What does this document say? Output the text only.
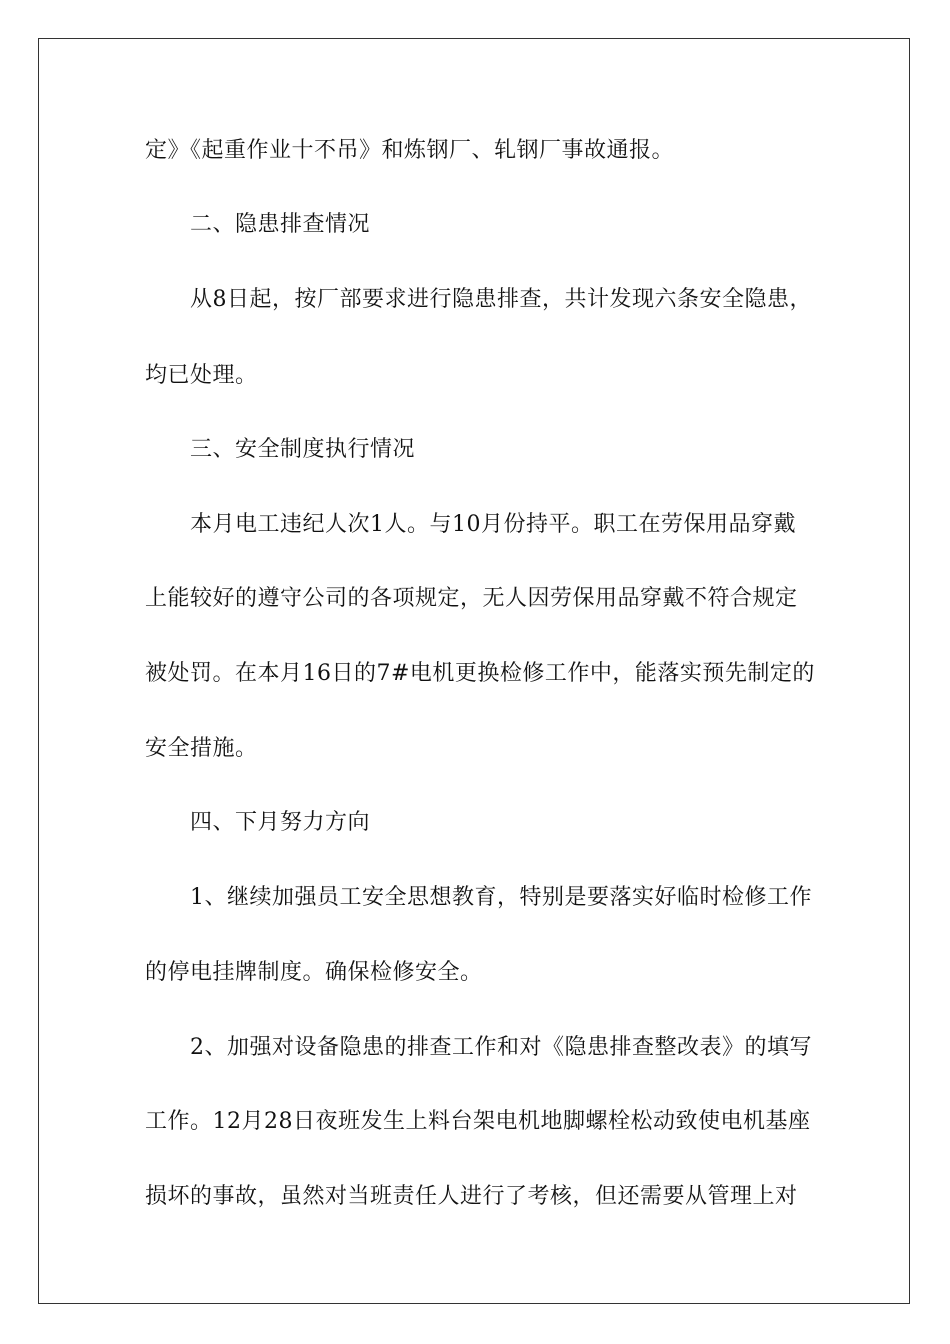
定》《起重作业十不吊》和炼钢厂、轧钢厂事故通报。
二、隐患排查情况
从8日起，按厂部要求进行隐患排查，共计发现六条安全隐患，
均已处理。
三、安全制度执行情况
本月电工违纪人次1人。与10月份持平。职工在劳保用品穿戴
上能较好的遵守公司的各项规定，无人因劳保用品穿戴不符合规定
被处罚。在本月16日的7#电机更换检修工作中，能落实预先制定的
安全措施。
四、下月努力方向
1、继续加强员工安全思想教育，特别是要落实好临时检修工作
的停电挂牌制度。确保检修安全。
2、加强对设备隐患的排查工作和对《隐患排查整改表》的填写
工作。12月28日夜班发生上料台架电机地脚螺栓松动致使电机基座
损坏的事故，虽然对当班责任人进行了考核，但还需要从管理上对
